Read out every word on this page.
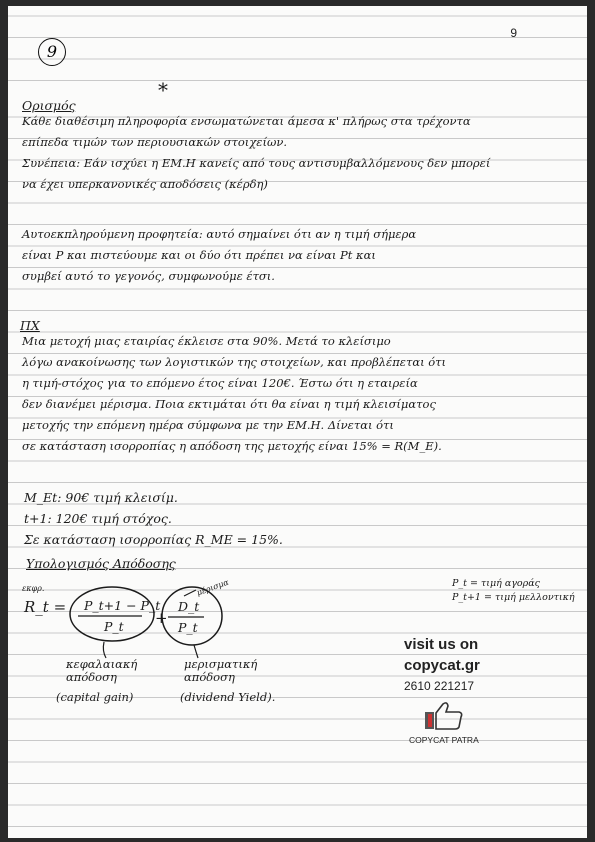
9
9
*
Ορισμός
Κάθε διαθέσιμη πληροφορία ενσωματώνεται άμεσα κ' πλήρως στα τρέχοντα
επίπεδα τιμών των περιουσιακών στοιχείων.
Συνέπεια: Εάν ισχύει η ΕΜ.Η κανείς από τους αντισυμβαλλόμενους δεν μπορεί
να έχει υπερκανονικές αποδόσεις (κέρδη)
Αυτοεκπληρούμενη προφητεία: αυτό σημαίνει ότι αν η τιμή σήμερα
είναι P και πιστεύουμε και οι δύο ότι πρέπει να είναι Pt και
συμβεί αυτό το γεγονός, συμφωνούμε έτσι.
ΠΧ
Μια μετοχή μιας εταιρίας έκλεισε στα 90%. Μετά το κλείσιμο
λόγω ανακοίνωσης των λογιστικών της στοιχείων, και προβλέπεται ότι
η τιμή-στόχος για το επόμενο έτος είναι 120€. Έστω ότι η εταιρεία
δεν διανέμει μέρισμα. Ποια εκτιμάται ότι θα είναι η τιμή κλεισίματος
μετοχής την επόμενη ημέρα σύμφωνα με την ΕΜ.Η. Δίνεται ότι
σε κατάσταση ισορροπίας η απόδοση της μετοχής είναι 15% = R(M_E).
Μ_Εt: 90€ τιμή κλεισίμ.
t+1: 120€ τιμή στόχος.
Σε κατάσταση ισορροπίας R_ME = 15%.
Υπολογισμός Απόδοσης
εκφρ.
R_t = P_t+1 − P_t
P_t +
D_t
P_t
μέρισμα
κεφαλαιακή απόδοση
(capital gain)
μερισματική απόδοση
(dividend Yield).
P_t = τιμή αγοράς
P_t+1 = τιμή μελλοντική
visit us on
copycat.gr
2610 221217
COPYCAT PATRA
